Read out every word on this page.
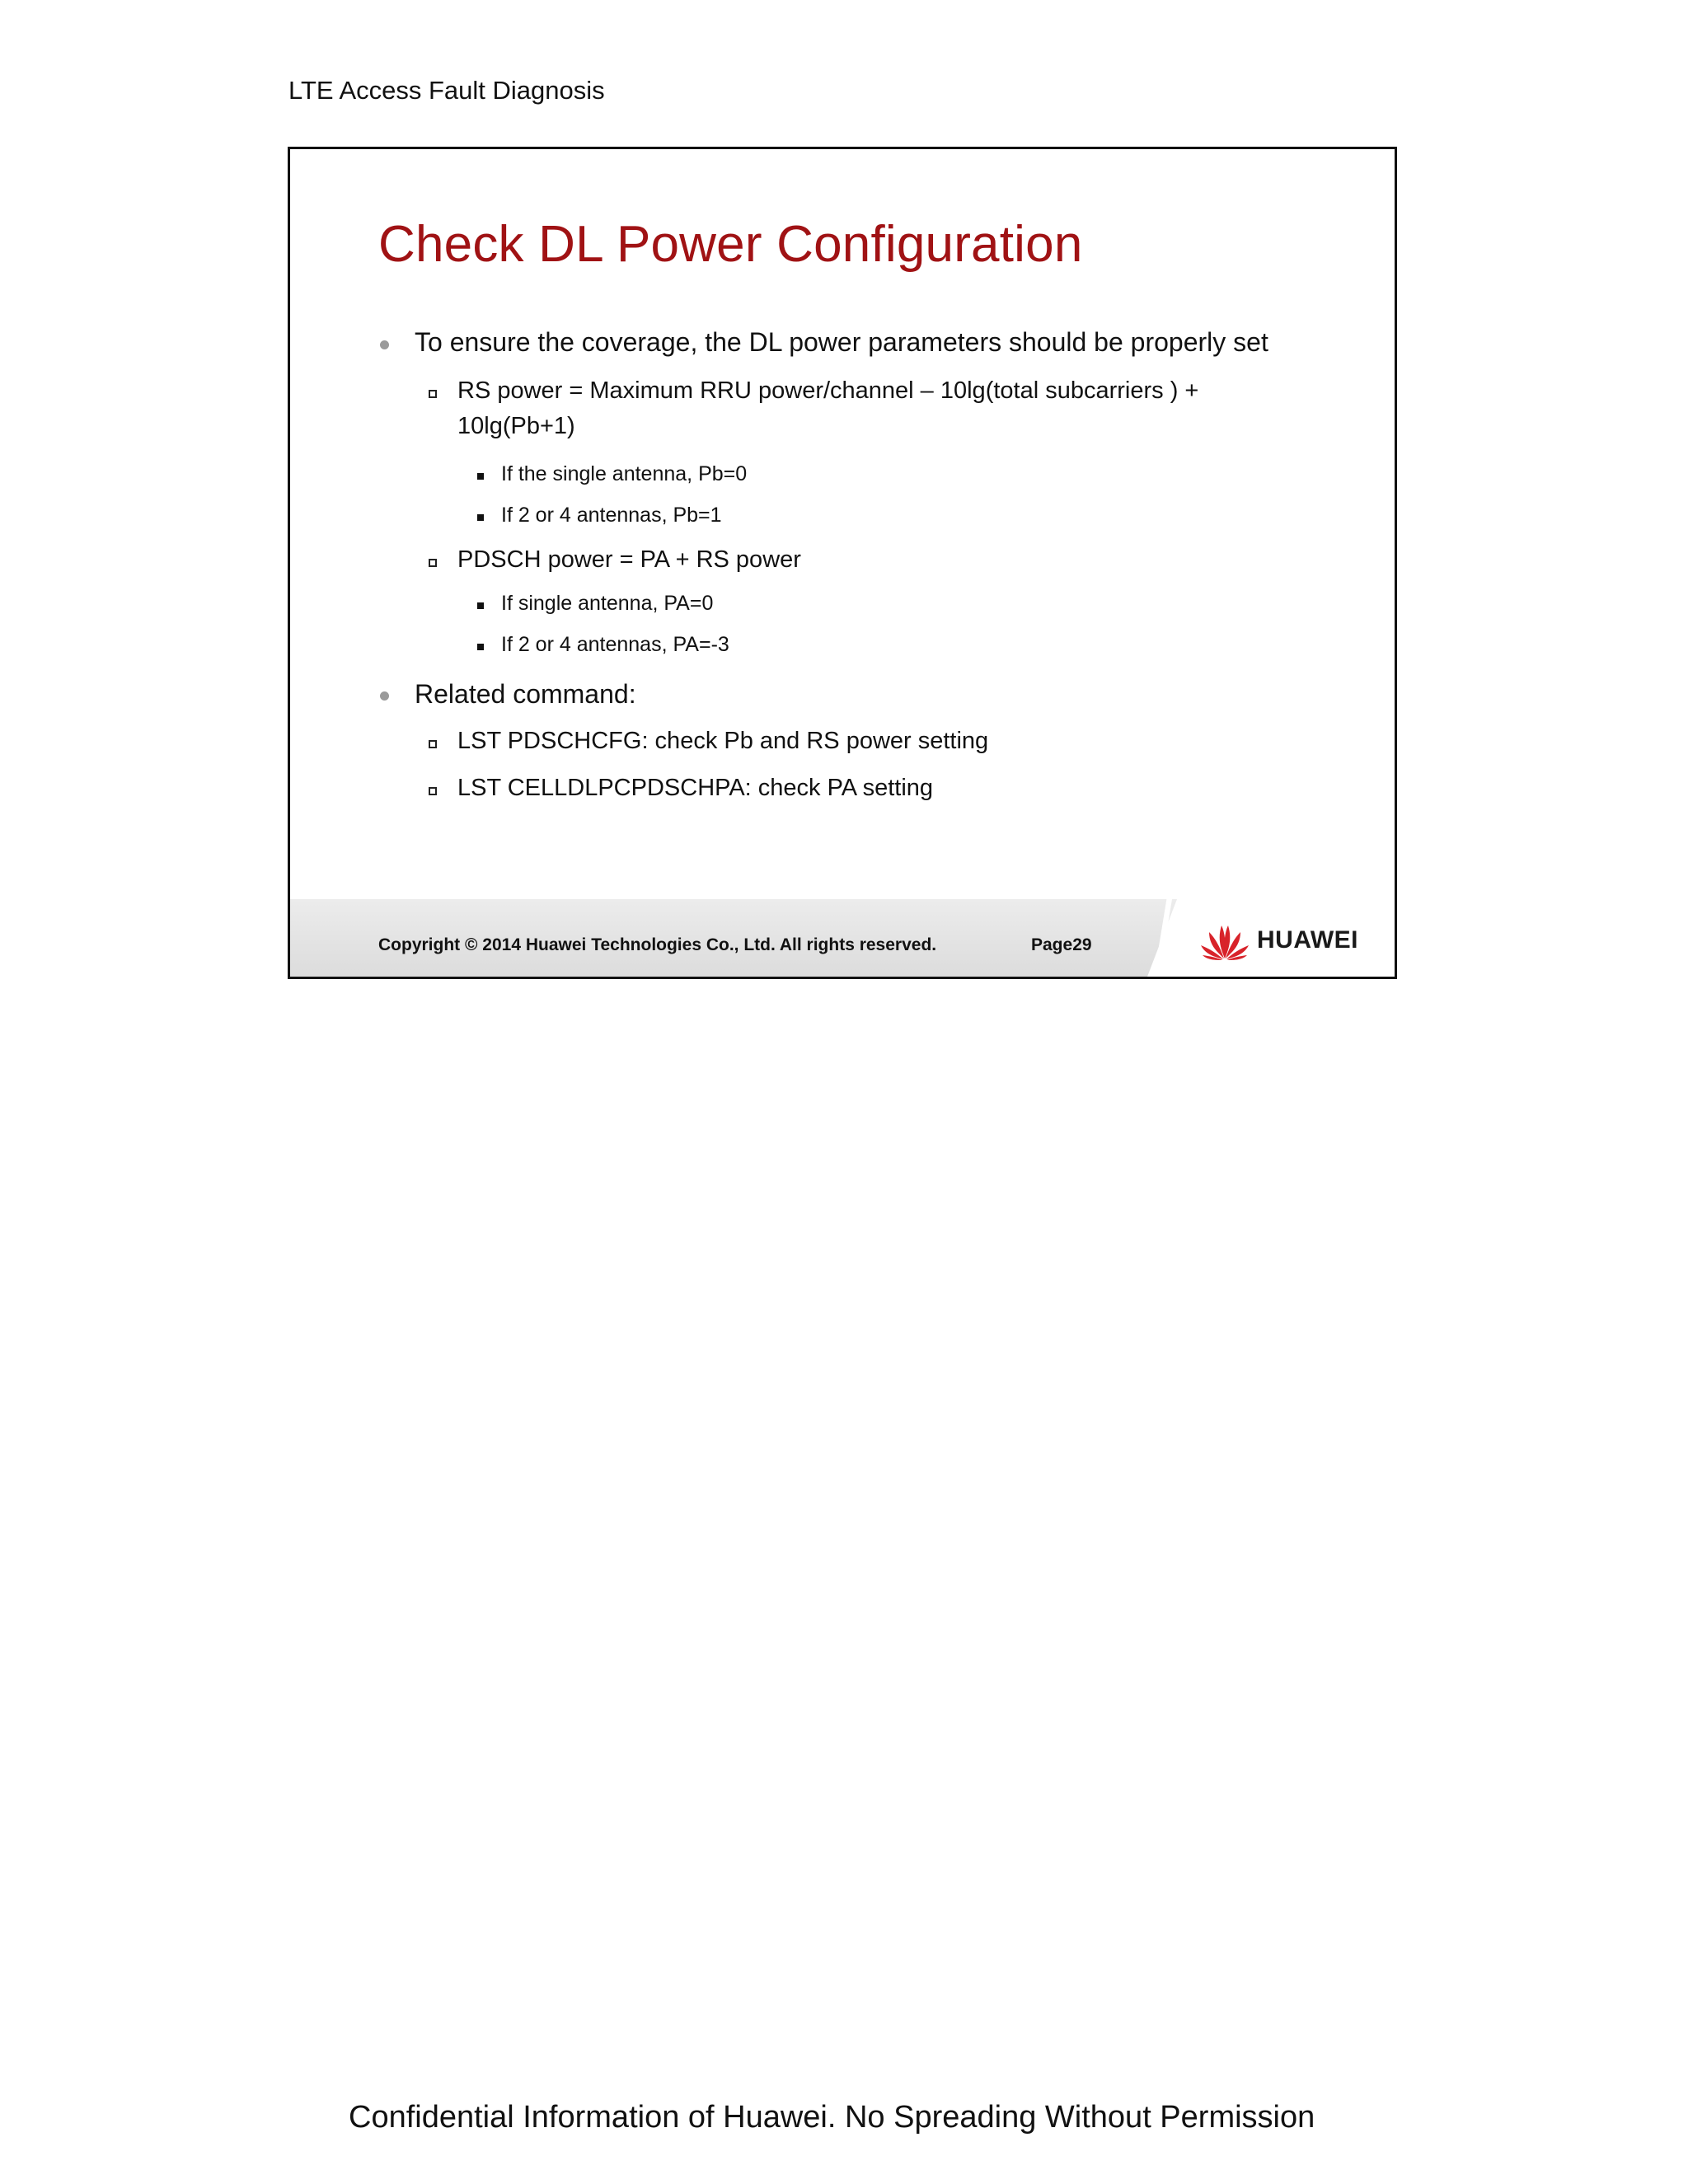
LTE Access Fault Diagnosis
Check DL Power Configuration
To ensure the coverage, the DL power parameters should be properly set
RS power = Maximum RRU power/channel – 10lg(total subcarriers ) +
10lg(Pb+1)
If the single antenna, Pb=0
If 2 or 4 antennas, Pb=1
PDSCH power = PA + RS power
If single antenna, PA=0
If 2 or 4 antennas, PA=-3
Related command:
LST PDSCHCFG: check Pb and RS power setting
LST CELLDLPCPDSCHPA: check PA setting
Copyright © 2014 Huawei Technologies Co., Ltd. All rights reserved.	Page29	HUAWEI
Confidential Information of Huawei. No Spreading Without Permission
